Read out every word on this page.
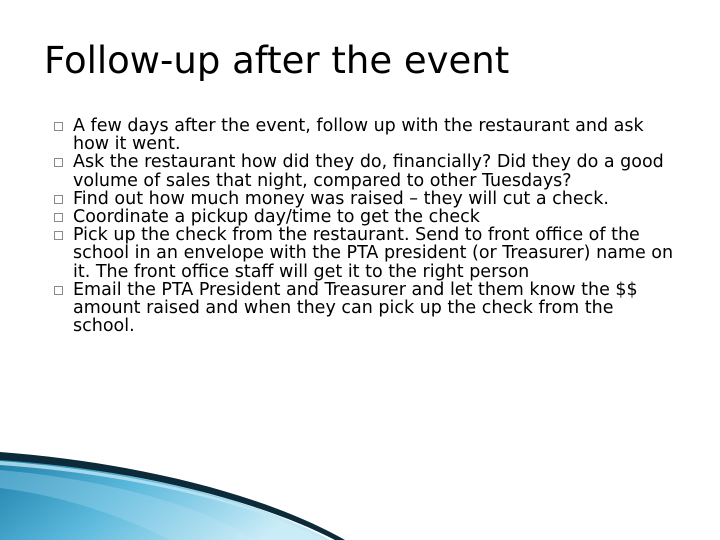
Follow-up after the event
A few days after the event, follow up with the restaurant and ask how it went.
Ask the restaurant how did they do, financially? Did they do a good volume of sales that night, compared to other Tuesdays?
Find out how much money was raised – they will cut a check.
Coordinate a pickup day/time to get the check
Pick up the check from the restaurant. Send to front office of the school in an envelope with the PTA president (or Treasurer) name on it. The front office staff will get it to the right person
Email the PTA President and Treasurer and let them know the $$ amount raised and when they can pick up the check from the school.
